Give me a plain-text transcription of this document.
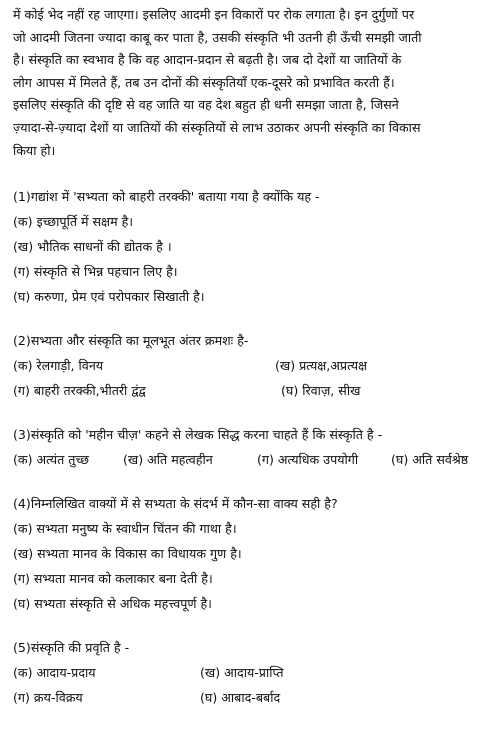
में कोई भेद नहीं रह जाएगा। इसलिए आदमी इन विकारों पर रोक लगाता है। इन दुर्गुणों पर

जो आदमी जितना ज्यादा काबू कर पाता है, उसकी संस्कृति भी उतनी ही ऊँची समझी जाती

है। संस्कृति का स्वभाव है कि वह आदान-प्रदान से बढ़ती है। जब दो देशों या जातियों के

लोग आपस में मिलते हैं, तब उन दोनों की संस्कृतियाँ एक-दूसरे को प्रभावित करती हैं।

इसलिए संस्कृति की दृष्टि से वह जाति या वह देश बहुत ही धनी समझा जाता है, जिसने

ज़्यादा-से-ज़्यादा देशों या जातियों की संस्कृतियों से लाभ उठाकर अपनी संस्कृति का विकास

किया हो।

(1)गद्यांश में 'सभ्यता को बाहरी तरक्की' बताया गया है क्योंकि यह -

(क) इच्छापूर्ति में सक्षम है।

(ख) भौतिक साधनों की द्योतक है ।

(ग) संस्कृति से भिन्न पहचान लिए है।

(घ) करुणा, प्रेम एवं परोपकार सिखाती है।

(2)सभ्यता और संस्कृति का मूलभूत अंतर क्रमशः है-

(क) रेलगाड़ी, विनय	(ख) प्रत्यक्ष,अप्रत्यक्ष
(ग) बाहरी तरक्की,भीतरी द्वंद्व	(घ) रिवाज़, सीख

(3)संस्कृति को 'महीन चीज़' कहने से लेखक सिद्ध करना चाहते हैं कि संस्कृति है -

(क) अत्यंत तुच्छ	(ख) अति महत्वहीन	(ग) अत्यधिक उपयोगी	(घ) अति सर्वश्रेष्ठ

(4)निम्नलिखित वाक्यों में से सभ्यता के संदर्भ में कौन-सा वाक्य सही है?

(क) सभ्यता मनुष्य के स्वाधीन चिंतन की गाथा है।

(ख) सभ्यता मानव के विकास का विधायक गुण है।

(ग) सभ्यता मानव को कलाकार बना देती है।

(घ) सभ्यता संस्कृति से अधिक महत्त्वपूर्ण है।

(5)संस्कृति की प्रवृति है -

(क) आदाय-प्रदाय	(ख) आदाय-प्राप्ति
(ग) क्रय-विक्रय	(घ) आबाद-बर्बाद
